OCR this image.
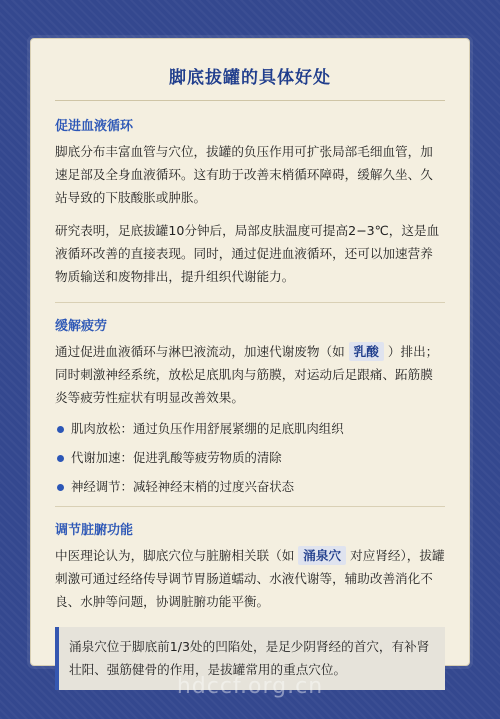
脚底拔罐的具体好处
促进血液循环

脚底分布丰富血管与穴位，拔罐的负压作用可扩张局部毛细血管，加速足部及全身血液循环。这有助于改善末梢循环障碍，缓解久坐、久站导致的下肢酸胀或肿胀。

研究表明，足底拔罐10分钟后，局部皮肤温度可提高2−3℃，这是血液循环改善的直接表现。同时，通过促进血液循环，还可以加速营养物质输送和废物排出，提升组织代谢能力。

缓解疲劳

通过促进血液循环与淋巴液流动，加速代谢废物（如 乳酸 ）排出；同时刺激神经系统，放松足底肌肉与筋膜，对运动后足跟痛、跖筋膜炎等疲劳性症状有明显改善效果。

肌肉放松：通过负压作用舒展紧绷的足底肌肉组织
代谢加速：促进乳酸等疲劳物质的清除
神经调节：减轻神经末梢的过度兴奋状态
调节脏腑功能

中医理论认为，脚底穴位与脏腑相关联（如 涌泉穴 对应肾经），拔罐刺激可通过经络传导调节胃肠道蠕动、水液代谢等，辅助改善消化不良、水肿等问题，协调脏腑功能平衡。

涌泉穴位于脚底前1/3处的凹陷处，是足少阴肾经的首穴，有补肾壮阳、强筋健骨的作用，是拔罐常用的重点穴位。
hdccf.org.cn
